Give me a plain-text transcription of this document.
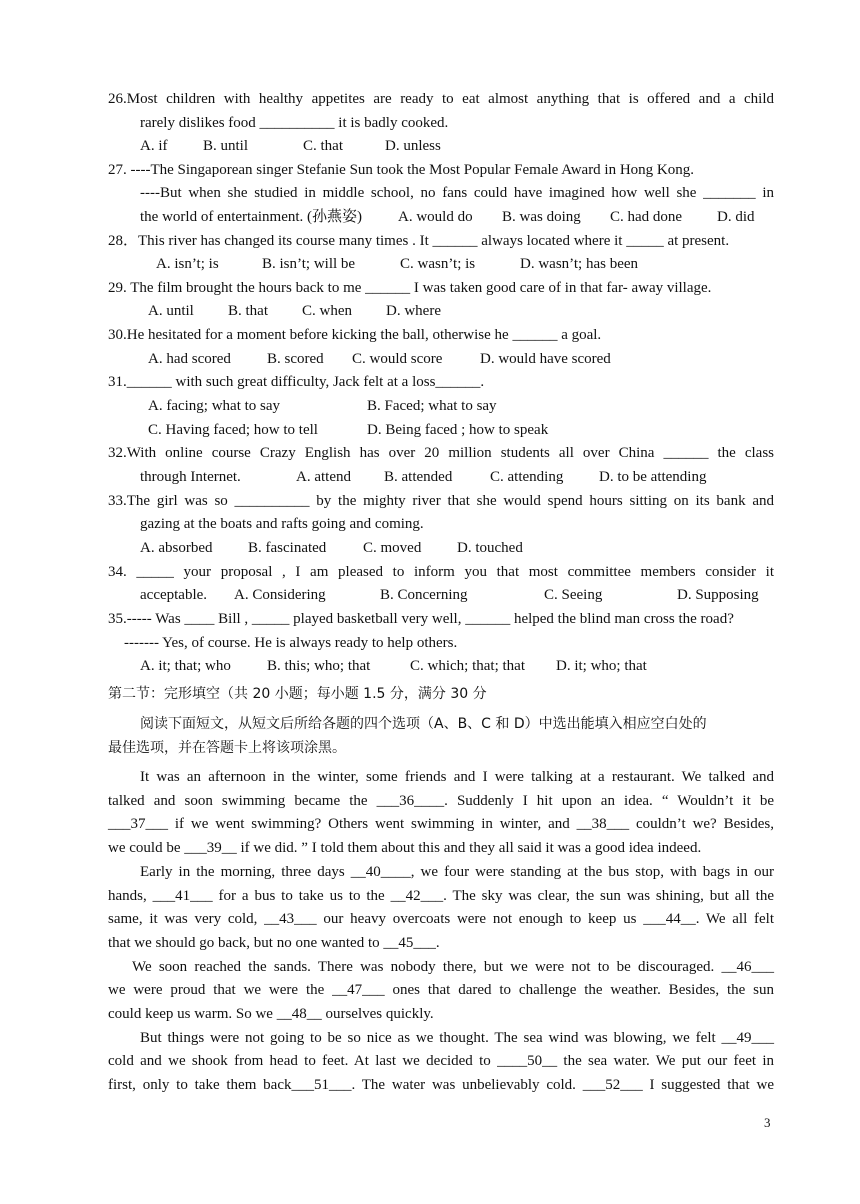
26.Most children with healthy appetites are ready to eat almost anything that is offered and a child
rarely dislikes food __________ it is badly cooked.
A. if B. until	C. that	D. unless
27. ----The Singaporean singer Stefanie Sun took the Most Popular Female Award in Hong Kong.
----But when she studied in middle school, no fans could have imagined how well she _______ in
the world of entertainment. (孙燕姿) A. would do B. was doing C. had done D. did
28．This river has changed its course many times . It ______ always located where it _____ at present.
A. isn’t; is	B. isn’t; will be	C. wasn’t; is	D. wasn’t; has been
29. The film brought the hours back to me ______ I was taken good care of in that far- away village.
A. until B. that C. when D. where
30.He hesitated for a moment before kicking the ball, otherwise he ______ a goal.
A. had scored B. scored C. would score	D. would have scored
31.______ with such great difficulty, Jack felt at a loss______.
A. facing; what to say	B. Faced; what to say
C. Having faced; how to tell	D. Being faced ; how to speak
32.With online course Crazy English has over 20 million students all over China ______ the class
through Internet.	A. attend B. attended	C. attending D. to be attending
33.The girl was so __________ by the mighty river that she would spend hours sitting on its bank and
gazing at the boats and rafts going and coming.
A. absorbed B. fascinated C. moved D. touched
34. _____ your proposal , I am pleased to inform you that most committee members consider it
acceptable. A. Considering	B. Concerning	C. Seeing	D. Supposing
35.----- Was ____ Bill , _____ played basketball very well, ______ helped the blind man cross the road?
------- Yes, of course. He is always ready to help others.
A. it; that; who B. this; who; that	C. which; that; that D. it; who; that
第二节：完形填空（共 20 小题；每小题 1.5 分，满分 30 分
阅读下面短文，从短文后所给各题的四个选项（A、B、C 和 D）中选出能填入相应空白处的
最佳选项，并在答题卡上将该项涂黑。
It was an afternoon in the winter, some friends and I were talking at a restaurant. We talked and
talked and soon swimming became the ___36____. Suddenly I hit upon an idea. “ Wouldn’t it be
___37___ if we went swimming? Others went swimming in winter, and __38___ couldn’t we? Besides,
we could be ___39__ if we did. ” I told them about this and they all said it was a good idea indeed.
Early in the morning, three days __40____, we four were standing at the bus stop, with bags in our
hands, ___41___ for a bus to take us to the __42___. The sky was clear, the sun was shining, but all the
same, it was very cold, __43___ our heavy overcoats were not enough to keep us ___44__. We all felt
that we should go back, but no one wanted to __45___.
We soon reached the sands. There was nobody there, but we were not to be discouraged. __46___
we were proud that we were the __47___ ones that dared to challenge the weather. Besides, the sun
could keep us warm. So we __48__ ourselves quickly.
But things were not going to be so nice as we thought. The sea wind was blowing, we felt __49___
cold and we shook from head to feet. At last we decided to ____50__ the sea water. We put our feet in
first, only to take them back___51___. The water was unbelievably cold. ___52___ I suggested that we
3
